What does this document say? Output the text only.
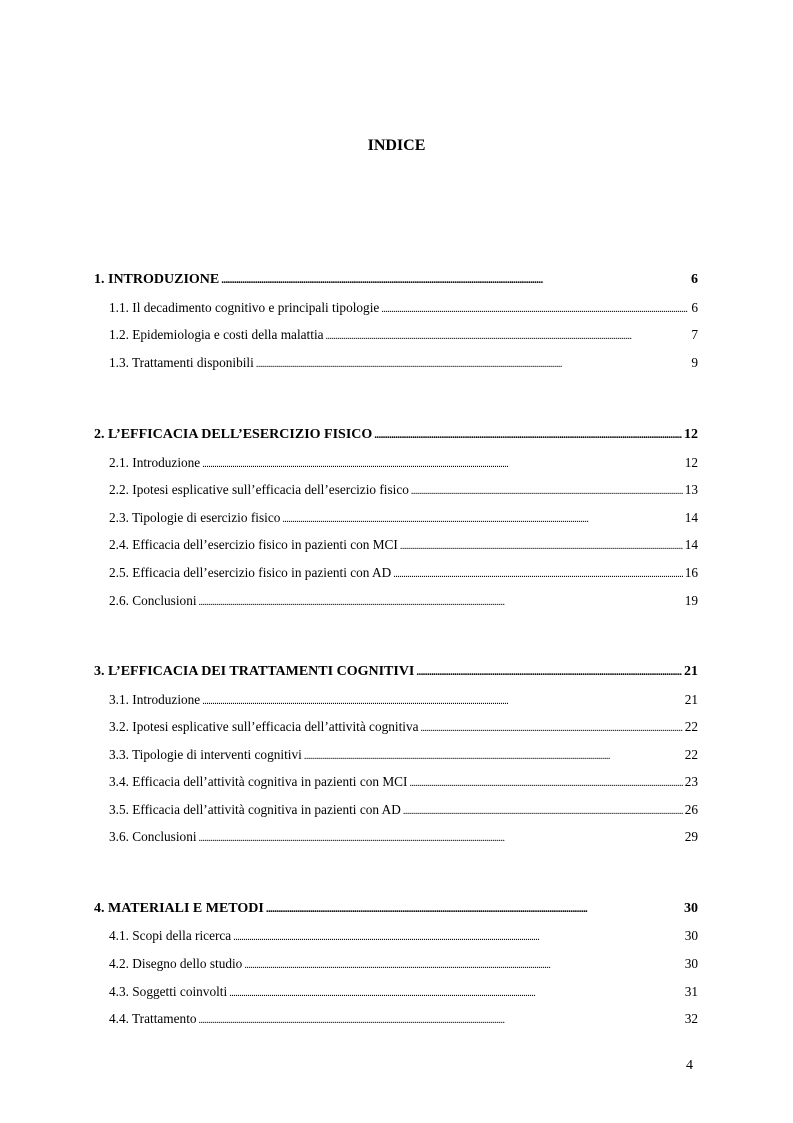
INDICE
1. INTRODUZIONE . . .	6
1.1. Il decadimento cognitivo e principali tipologie . . .	6
1.2. Epidemiologia e costi della malattia . . .	7
1.3. Trattamenti disponibili . . .	9
2. L’EFFICACIA DELL’ESERCIZIO FISICO . . .	12
2.1. Introduzione . . .	12
2.2. Ipotesi esplicative sull’efficacia dell’esercizio fisico . . .	13
2.3. Tipologie di esercizio fisico . . .	14
2.4. Efficacia dell’esercizio fisico in pazienti con MCI . . .	14
2.5. Efficacia dell’esercizio fisico in pazienti con AD . . .	16
2.6. Conclusioni . . .	19
3. L’EFFICACIA DEI TRATTAMENTI COGNITIVI . . .	21
3.1. Introduzione . . .	21
3.2. Ipotesi esplicative sull’efficacia dell’attività cognitiva . . .	22
3.3. Tipologie di interventi cognitivi . . .	22
3.4. Efficacia dell’attività cognitiva in pazienti con MCI . . .	23
3.5. Efficacia dell’attività cognitiva in pazienti con AD . . .	26
3.6. Conclusioni . . .	29
4. MATERIALI E METODI . . .	30
4.1. Scopi della ricerca . . .	30
4.2. Disegno dello studio . . .	30
4.3. Soggetti coinvolti . . .	31
4.4. Trattamento . . .	32
4
